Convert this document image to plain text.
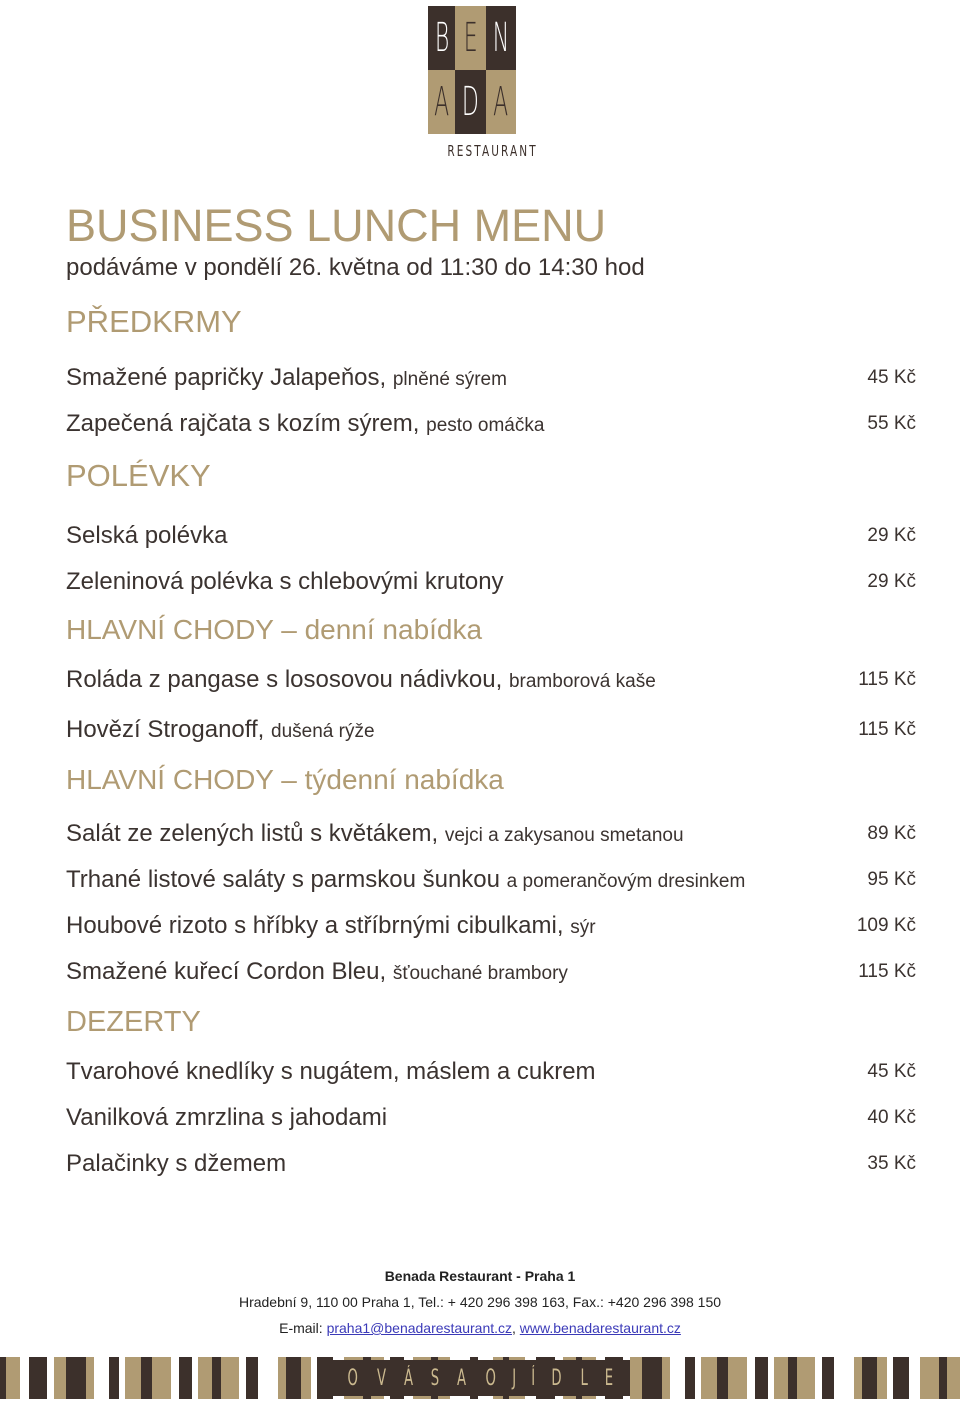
B E N
A D A
RESTAURANT
BUSINESS LUNCH MENU
podáváme v pondělí 26. května od 11:30 do 14:30 hod
PŘEDKRMY
Smažené papričky Jalapeňos, plněné sýrem	45 Kč
Zapečená rajčata s kozím sýrem, pesto omáčka	55 Kč
POLÉVKY
Selská polévka	29 Kč
Zeleninová polévka s chlebovými krutony	29 Kč
HLAVNÍ CHODY – denní nabídka
Roláda z pangase s lososovou nádivkou, bramborová kaše	115 Kč
Hovězí Stroganoff, dušená rýže	115 Kč
HLAVNÍ CHODY – týdenní nabídka
Salát ze zelených listů s květákem, vejci a zakysanou smetanou	89 Kč
Trhané listové saláty s parmskou šunkou a pomerančovým dresinkem	95 Kč
Houbové rizoto s hříbky a stříbrnými cibulkami, sýr	109 Kč
Smažené kuřecí Cordon Bleu, šťouchané brambory	115 Kč
DEZERTY
Tvarohové knedlíky s nugátem, máslem a cukrem	45 Kč
Vanilková zmrzlina s jahodami	40 Kč
Palačinky s džemem	35 Kč
Benada Restaurant - Praha 1
Hradební 9, 110 00 Praha 1, Tel.: + 420 296 398 163, Fax.: +420 296 398 150
E-mail: praha1@benadarestaurant.cz, www.benadarestaurant.cz
O V Á S A O J Í D L E
